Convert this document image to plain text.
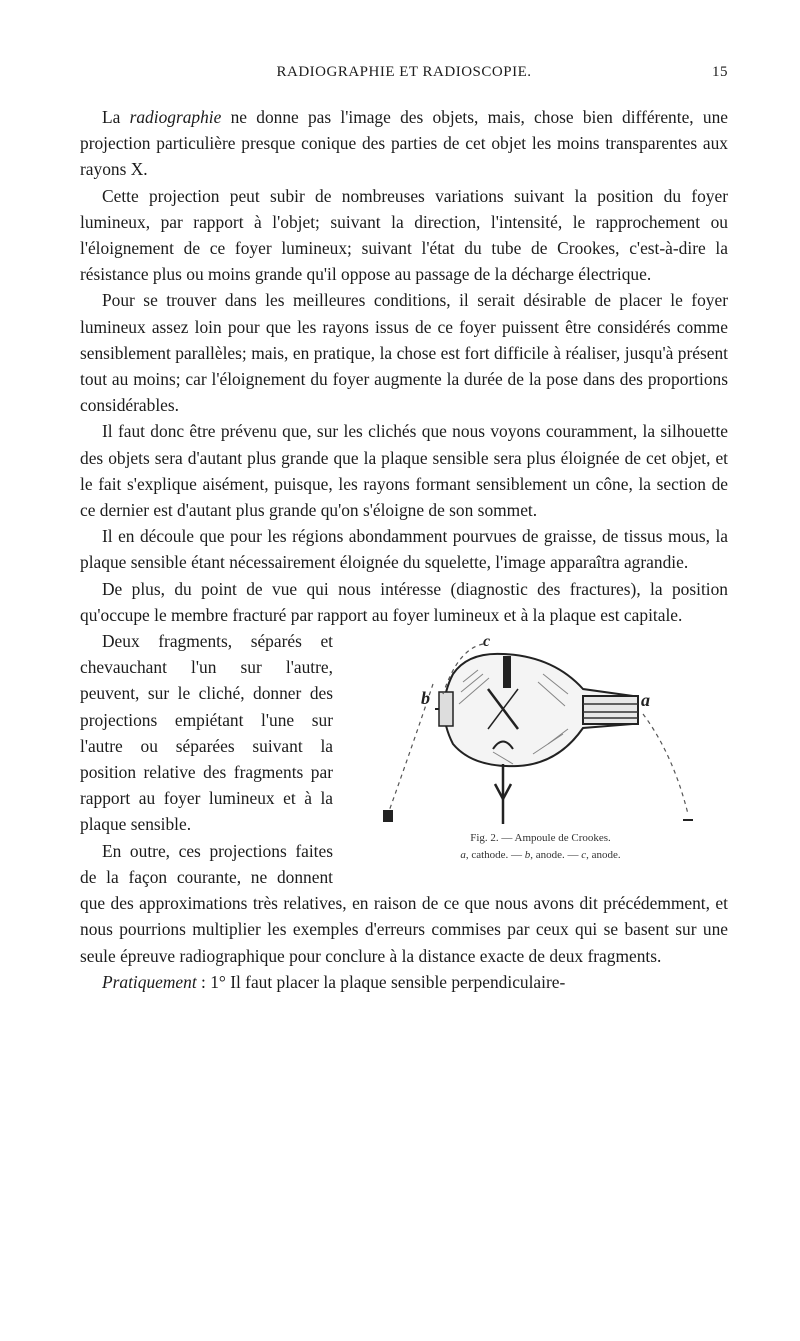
RADIOGRAPHIE ET RADIOSCOPIE.	15

La radiographie ne donne pas l'image des objets, mais, chose bien différente, une projection particulière presque conique des parties de cet objet les moins transparentes aux rayons X.

Cette projection peut subir de nombreuses variations suivant la position du foyer lumineux, par rapport à l'objet; suivant la direction, l'intensité, le rapprochement ou l'éloignement de ce foyer lumineux; suivant l'état du tube de Crookes, c'est-à-dire la résistance plus ou moins grande qu'il oppose au passage de la décharge électrique.

Pour se trouver dans les meilleures conditions, il serait désirable de placer le foyer lumineux assez loin pour que les rayons issus de ce foyer puissent être considérés comme sensiblement parallèles; mais, en pratique, la chose est fort difficile à réaliser, jusqu'à présent tout au moins; car l'éloignement du foyer augmente la durée de la pose dans des proportions considérables.

Il faut donc être prévenu que, sur les clichés que nous voyons couramment, la silhouette des objets sera d'autant plus grande que la plaque sensible sera plus éloignée de cet objet, et le fait s'explique aisément, puisque, les rayons formant sensiblement un cône, la section de ce dernier est d'autant plus grande qu'on s'éloigne de son sommet.

Il en découle que pour les régions abondamment pourvues de graisse, de tissus mous, la plaque sensible étant nécessairement éloignée du squelette, l'image apparaîtra agrandie.

De plus, du point de vue qui nous intéresse (diagnostic des fractures), la position qu'occupe le membre fracturé par rapport au foyer lumineux et à la plaque est capitale.

c
b	a
Fig. 2. — Ampoule de Crookes.
a, cathode. — b, anode. — c, anode.

Deux fragments, séparés et chevauchant l'un sur l'autre, peuvent, sur le cliché, donner des projections empiétant l'une sur l'autre ou séparées suivant la position relative des fragments par rapport au foyer lumineux et à la plaque sensible.

En outre, ces projections faites de la façon courante, ne donnent que des approximations très relatives, en raison de ce que nous avons dit précédemment, et nous pourrions multiplier les exemples d'erreurs commises par ceux qui se basent sur une seule épreuve radiographique pour conclure à la distance exacte de deux fragments.

Pratiquement : 1° Il faut placer la plaque sensible perpendiculaire-
